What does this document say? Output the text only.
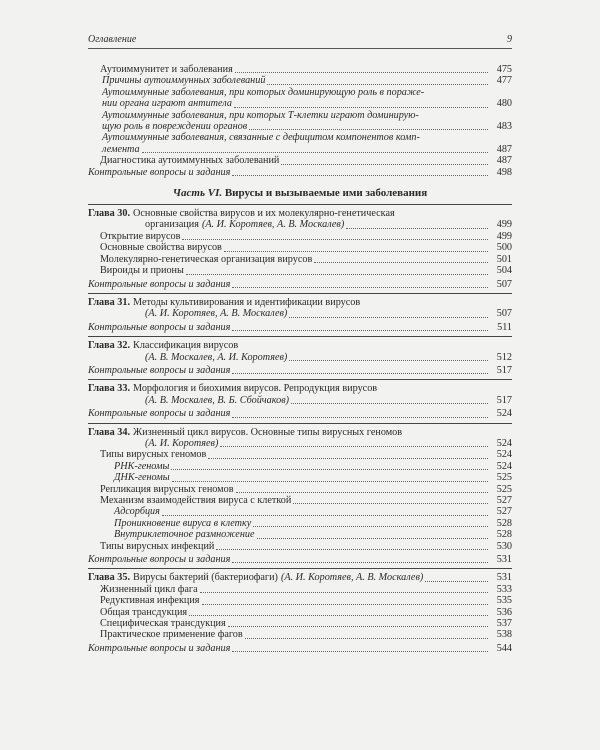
Оглавление	9
Аутоиммунитет и заболевания	475
Причины аутоиммунных заболеваний	477
Аутоиммунные заболевания, при которых доминирующую роль в пораже-
нии органа играют антитела	480
Аутоиммунные заболевания, при которых Т-клетки играют доминирую-
щую роль в повреждении органов	483
Аутоиммунные заболевания, связанные с дефицитом компонентов комп-
лемента	487
Диагностика аутоиммунных заболеваний	487
Контрольные вопросы и задания	498
Часть VI. Вирусы и вызываемые ими заболевания
Глава 30. Основные свойства вирусов и их молекулярно-генетическая
организация (А. И. Коротяев, А. В. Москалев)	499
Открытие вирусов	499
Основные свойства вирусов	500
Молекулярно-генетическая организация вирусов	501
Вироиды и прионы	504
Контрольные вопросы и задания	507
Глава 31. Методы культивирования и идентификации вирусов
(А. И. Коротяев, А. В. Москалев)	507
Контрольные вопросы и задания	511
Глава 32. Классификация вирусов
(А. В. Москалев, А. И. Коротяев)	512
Контрольные вопросы и задания	517
Глава 33. Морфология и биохимия вирусов. Репродукция вирусов
(А. В. Москалев, В. Б. Сбойчаков)	517
Контрольные вопросы и задания	524
Глава 34. Жизненный цикл вирусов. Основные типы вирусных геномов
(А. И. Коротяев)	524
Типы вирусных геномов	524
РНК-геномы	524
ДНК-геномы	525
Репликация вирусных геномов	525
Механизм взаимодействия вируса с клеткой	527
Адсорбция	527
Проникновение вируса в клетку	528
Внутриклеточное размножение	528
Типы вирусных инфекций	530
Контрольные вопросы и задания	531
Глава 35. Вирусы бактерий (бактериофаги) (А. И. Коротяев, А. В. Москалев)	531
Жизненный цикл фага	533
Редуктивная инфекция	535
Общая трансдукция	536
Специфическая трансдукция	537
Практическое применение фагов	538
Контрольные вопросы и задания	544
